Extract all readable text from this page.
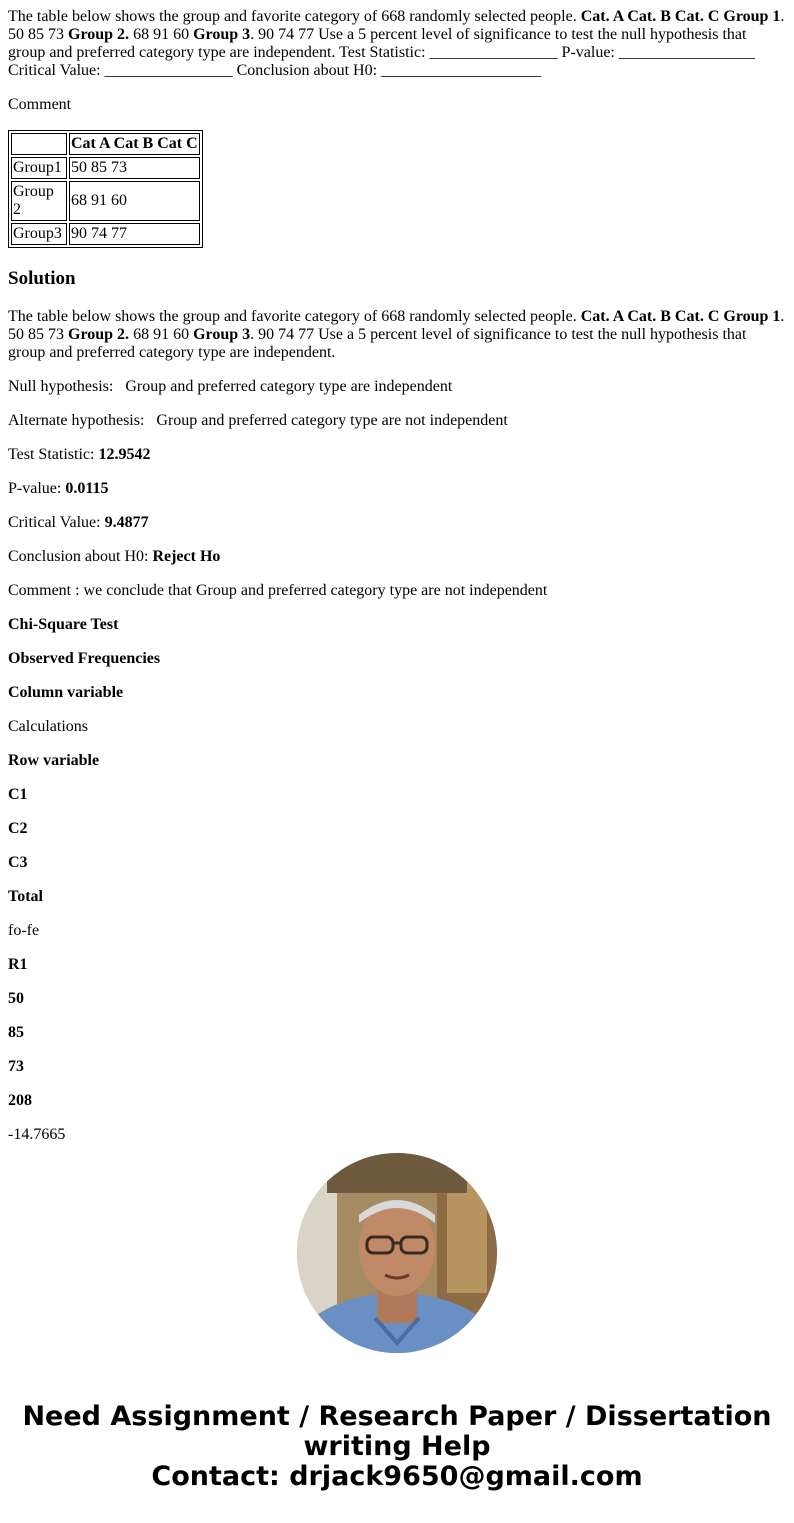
The table below shows the group and favorite category of 668 randomly selected people. Cat. A Cat. B Cat. C Group 1. 50 85 73 Group 2. 68 91 60 Group 3. 90 74 77 Use a 5 percent level of significance to test the null hypothesis that group and preferred category type are independent. Test Statistic: ________________ P-value: _________________ Critical Value: ________________ Conclusion about H0: ____________________

Comment

	Cat A Cat B Cat C
Group1	50 85 73
Group 2	68 91 60
Group3	90 74 77
Solution

The table below shows the group and favorite category of 668 randomly selected people. Cat. A Cat. B Cat. C Group 1. 50 85 73 Group 2. 68 91 60 Group 3. 90 74 77 Use a 5 percent level of significance to test the null hypothesis that group and preferred category type are independent.

Null hypothesis: Group and preferred category type are independent

Alternate hypothesis: Group and preferred category type are not independent

Test Statistic: 12.9542

P-value: 0.0115

Critical Value: 9.4877

Conclusion about H0: Reject Ho

Comment : we conclude that Group and preferred category type are not independent

Chi-Square Test

Observed Frequencies

Column variable

Calculations

Row variable

C1

C2

C3

Total

fo-fe

R1

50

85

73

208

-14.7665

Need Assignment / Research Paper / Dissertation
writing Help
Contact: drjack9650@gmail.com
